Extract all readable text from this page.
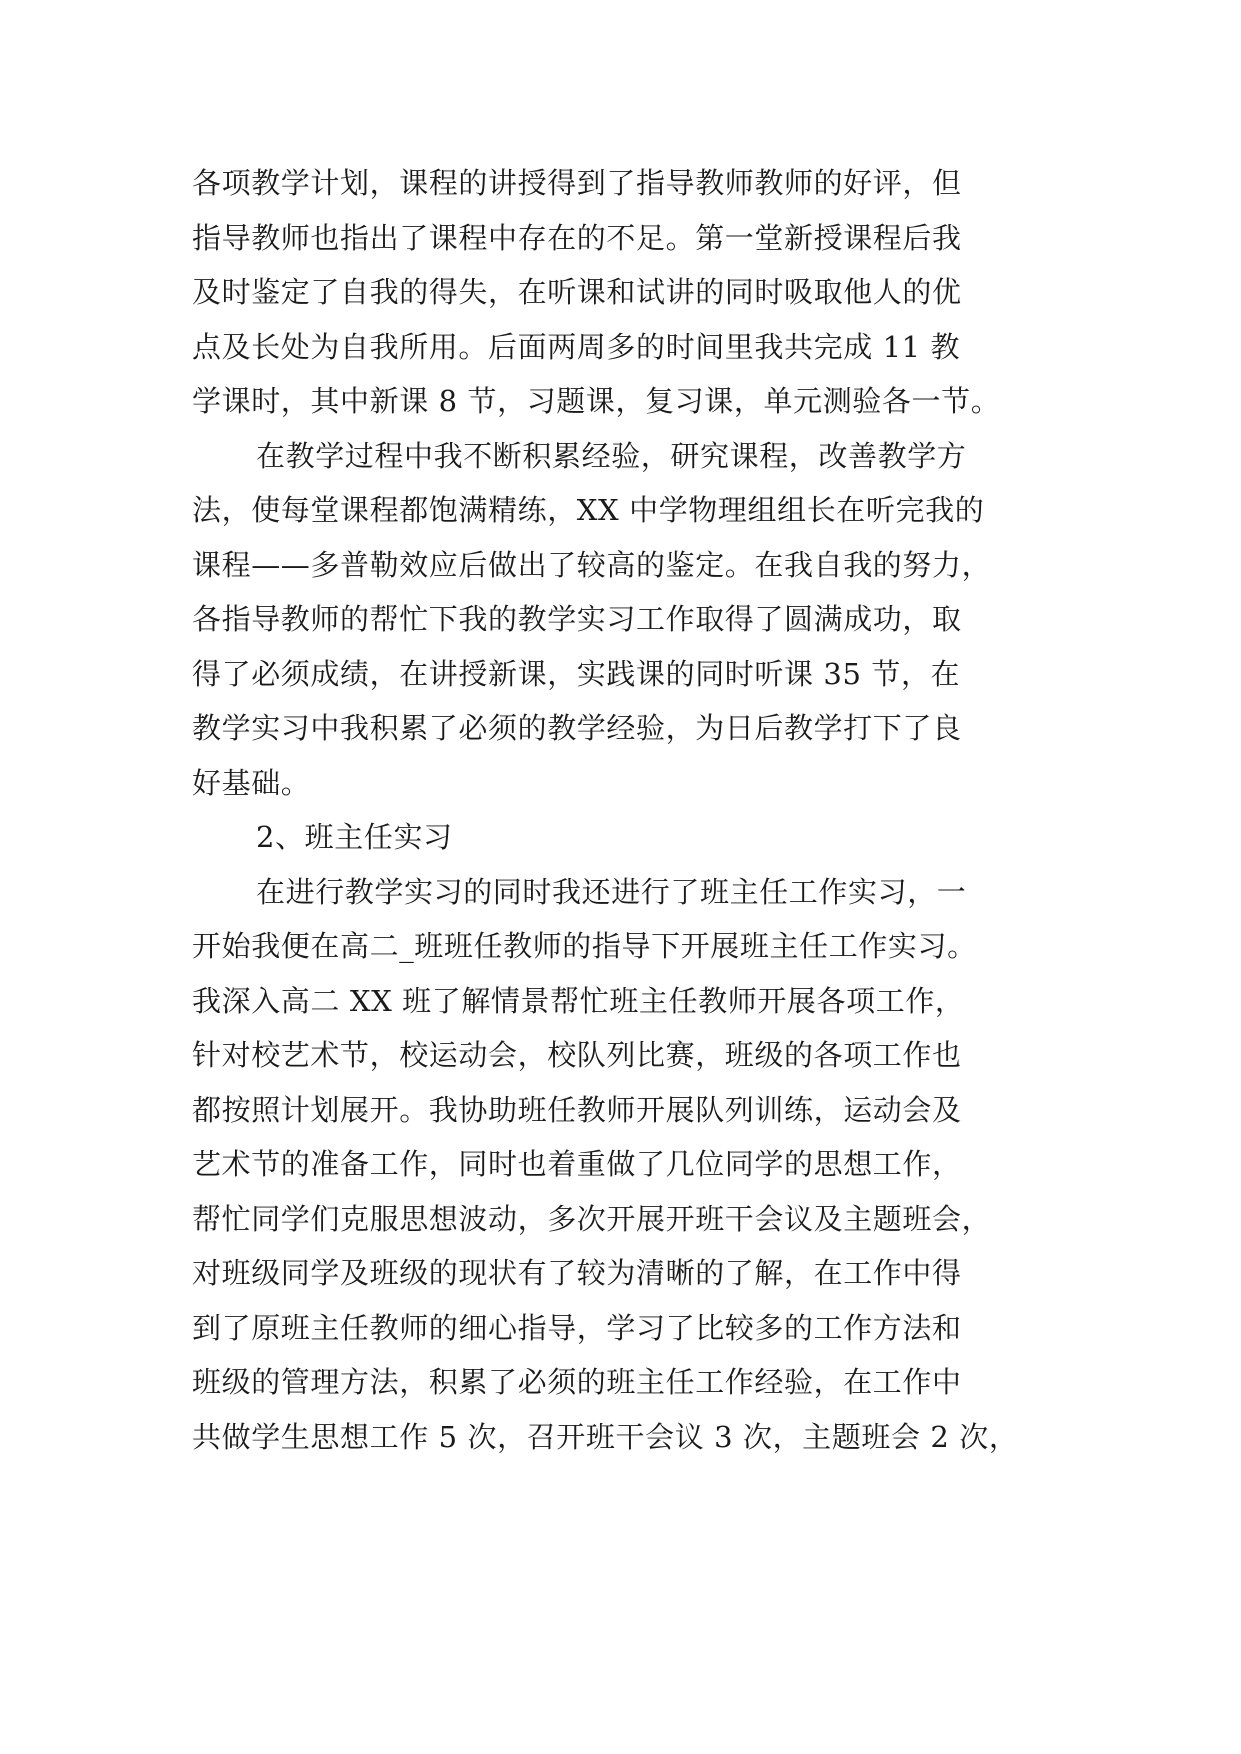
各项教学计划，课程的讲授得到了指导教师教师的好评，但
指导教师也指出了课程中存在的不足。第一堂新授课程后我
及时鉴定了自我的得失，在听课和试讲的同时吸取他人的优
点及长处为自我所用。后面两周多的时间里我共完成 11 教
学课时，其中新课 8 节，习题课，复习课，单元测验各一节。
在教学过程中我不断积累经验，研究课程，改善教学方
法，使每堂课程都饱满精练，XX 中学物理组组长在听完我的
课程——多普勒效应后做出了较高的鉴定。在我自我的努力，
各指导教师的帮忙下我的教学实习工作取得了圆满成功，取
得了必须成绩，在讲授新课，实践课的同时听课 35 节，在
教学实习中我积累了必须的教学经验，为日后教学打下了良
好基础。
2、班主任实习
在进行教学实习的同时我还进行了班主任工作实习，一
开始我便在高二_班班任教师的指导下开展班主任工作实习。
我深入高二 XX 班了解情景帮忙班主任教师开展各项工作，
针对校艺术节，校运动会，校队列比赛，班级的各项工作也
都按照计划展开。我协助班任教师开展队列训练，运动会及
艺术节的准备工作，同时也着重做了几位同学的思想工作，
帮忙同学们克服思想波动，多次开展开班干会议及主题班会，
对班级同学及班级的现状有了较为清晰的了解，在工作中得
到了原班主任教师的细心指导，学习了比较多的工作方法和
班级的管理方法，积累了必须的班主任工作经验，在工作中
共做学生思想工作 5 次，召开班干会议 3 次，主题班会 2 次，
